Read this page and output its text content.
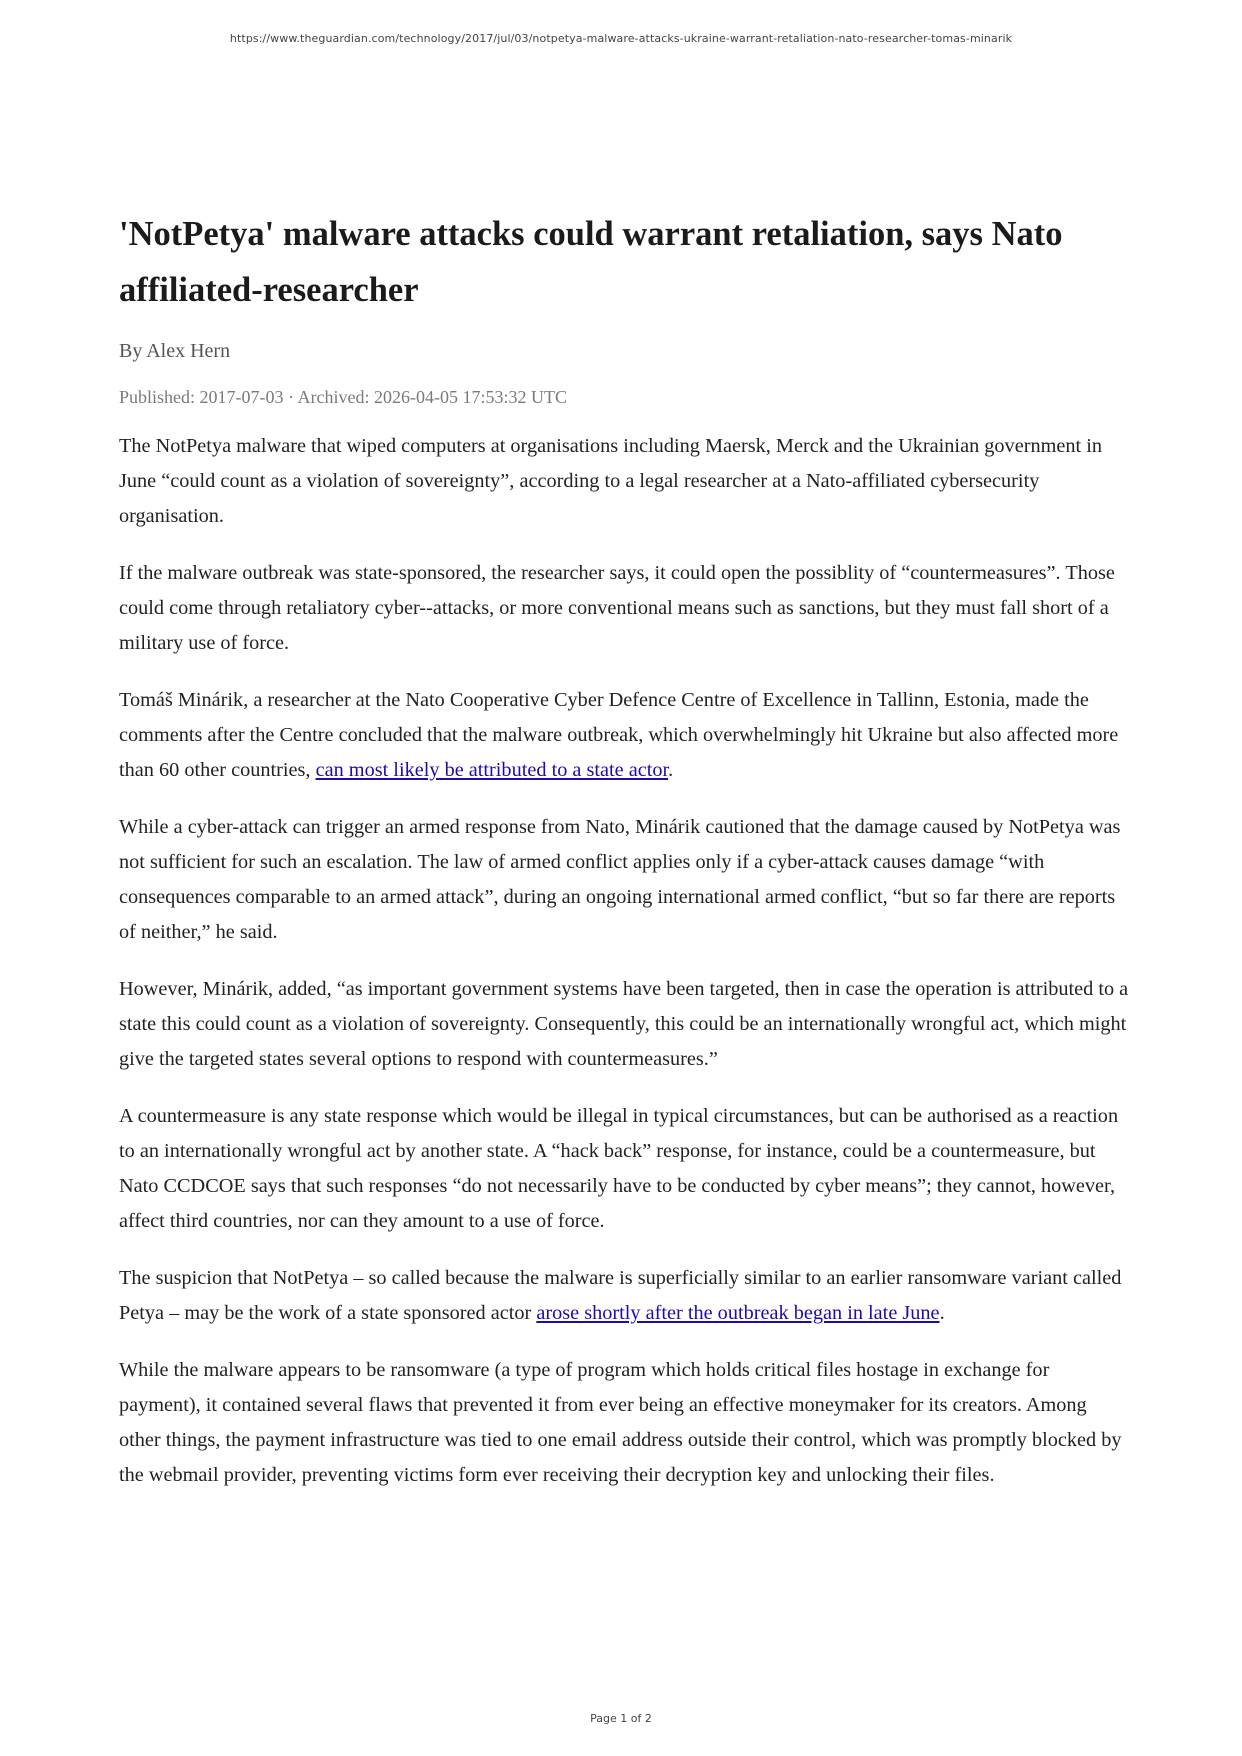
https://www.theguardian.com/technology/2017/jul/03/notpetya-malware-attacks-ukraine-warrant-retaliation-nato-researcher-tomas-minarik
'NotPetya' malware attacks could warrant retaliation, says Nato affiliated-researcher
By Alex Hern
Published: 2017-07-03 · Archived: 2026-04-05 17:53:32 UTC

The NotPetya malware that wiped computers at organisations including Maersk, Merck and the Ukrainian government in June “could count as a violation of sovereignty”, according to a legal researcher at a Nato-affiliated cybersecurity organisation.

If the malware outbreak was state-sponsored, the researcher says, it could open the possiblity of “countermeasures”. Those could come through retaliatory cyber--attacks, or more conventional means such as sanctions, but they must fall short of a military use of force.

Tomáš Minárik, a researcher at the Nato Cooperative Cyber Defence Centre of Excellence in Tallinn, Estonia, made the comments after the Centre concluded that the malware outbreak, which overwhelmingly hit Ukraine but also affected more than 60 other countries, can most likely be attributed to a state actor.

While a cyber-attack can trigger an armed response from Nato, Minárik cautioned that the damage caused by NotPetya was not sufficient for such an escalation. The law of armed conflict applies only if a cyber-attack causes damage “with consequences comparable to an armed attack”, during an ongoing international armed conflict, “but so far there are reports of neither,” he said.

However, Minárik, added, “as important government systems have been targeted, then in case the operation is attributed to a state this could count as a violation of sovereignty. Consequently, this could be an internationally wrongful act, which might give the targeted states several options to respond with countermeasures.”

A countermeasure is any state response which would be illegal in typical circumstances, but can be authorised as a reaction to an internationally wrongful act by another state. A “hack back” response, for instance, could be a countermeasure, but Nato CCDCOE says that such responses “do not necessarily have to be conducted by cyber means”; they cannot, however, affect third countries, nor can they amount to a use of force.

The suspicion that NotPetya – so called because the malware is superficially similar to an earlier ransomware variant called Petya – may be the work of a state sponsored actor arose shortly after the outbreak began in late June.

While the malware appears to be ransomware (a type of program which holds critical files hostage in exchange for payment), it contained several flaws that prevented it from ever being an effective moneymaker for its creators. Among other things, the payment infrastructure was tied to one email address outside their control, which was promptly blocked by the webmail provider, preventing victims form ever receiving their decryption key and unlocking their files.

Page 1 of 2
